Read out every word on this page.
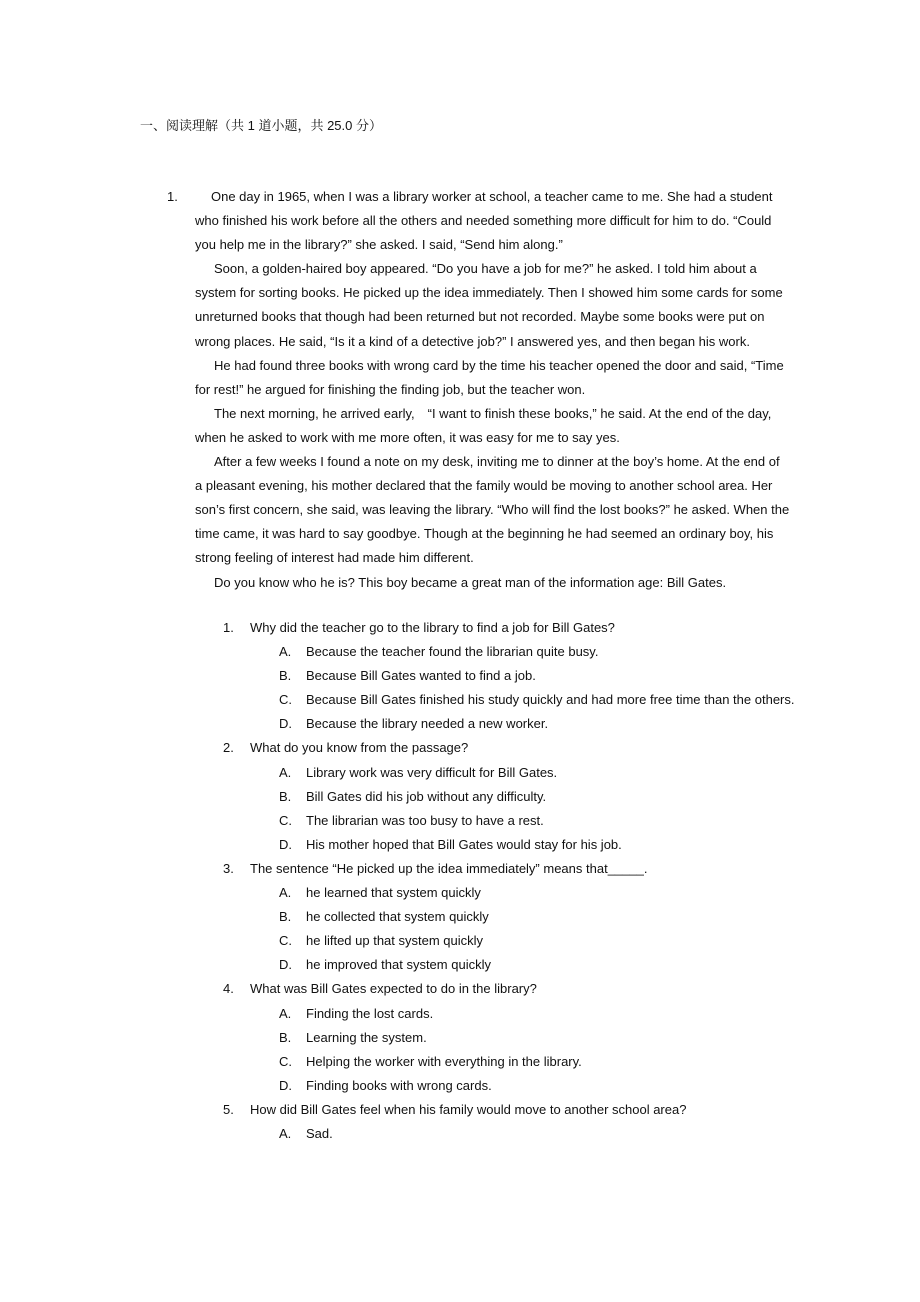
一、阅读理解（共 1 道小题，共 25.0 分）
1.	One day in 1965, when I was a library worker at school, a teacher came to me. She had a student who finished his work before all the others and needed something more difficult for him to do. “Could you help me in the library?” she asked. I said, “Send him along.”

Soon, a golden-haired boy appeared. “Do you have a job for me?” he asked. I told him about a system for sorting books. He picked up the idea immediately. Then I showed him some cards for some unreturned books that though had been returned but not recorded. Maybe some books were put on wrong places. He said, “Is it a kind of a detective job?” I answered yes, and then began his work.

He had found three books with wrong card by the time his teacher opened the door and said, “Time for rest!” he argued for finishing the finding job, but the teacher won.

The next morning, he arrived early,　“I want to finish these books,” he said. At the end of the day, when he asked to work with me more often, it was easy for me to say yes.

After a few weeks I found a note on my desk, inviting me to dinner at the boy’s home. At the end of a pleasant evening, his mother declared that the family would be moving to another school area. Her son’s first concern, she said, was leaving the library. “Who will find the lost books?” he asked. When the time came, it was hard to say goodbye. Though at the beginning he had seemed an ordinary boy, his strong feeling of interest had made him different.

Do you know who he is? This boy became a great man of the information age: Bill Gates.

1. Why did the teacher go to the library to find a job for Bill Gates?
A. Because the teacher found the librarian quite busy.
B. Because Bill Gates wanted to find a job.
C. Because Bill Gates finished his study quickly and had more free time than the others.
D. Because the library needed a new worker.
2. What do you know from the passage?
A. Library work was very difficult for Bill Gates.
B. Bill Gates did his job without any difficulty.
C. The librarian was too busy to have a rest.
D. His mother hoped that Bill Gates would stay for his job.
3. The sentence “He picked up the idea immediately” means that_____.
A. he learned that system quickly
B. he collected that system quickly
C. he lifted up that system quickly
D. he improved that system quickly
4. What was Bill Gates expected to do in the library?
A. Finding the lost cards.
B. Learning the system.
C. Helping the worker with everything in the library.
D. Finding books with wrong cards.
5. How did Bill Gates feel when his family would move to another school area?
A. Sad.
